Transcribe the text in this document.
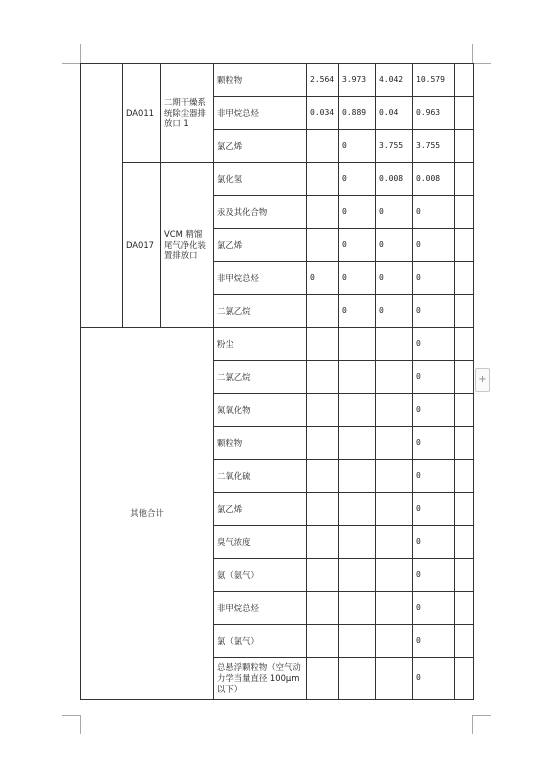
	DA011	二期干燥系统除尘器排放口 1	颗粒物	2.564	3.973	4.042	10.579	
			非甲烷总烃	0.034	0.889	0.04	0.963	
			氯乙烯		0	3.755	3.755	
	DA017	VCM 精馏尾气净化装置排放口	氯化氢		0	0.008	0.008	
			汞及其化合物		0	0	0	
			氯乙烯		0	0	0	
			非甲烷总烃	0	0	0	0	
			二氯乙烷		0	0	0	
其他合计			粉尘				0	
			二氯乙烷				0	
			氮氧化物				0	
			颗粒物				0	
			二氧化硫				0	
			氯乙烯				0	
			臭气浓度				0	
			氨（氨气）				0	
			非甲烷总烃				0	
			氯（氯气）				0	
			总悬浮颗粒物（空气动力学当量直径 100μm 以下）				0	
+
